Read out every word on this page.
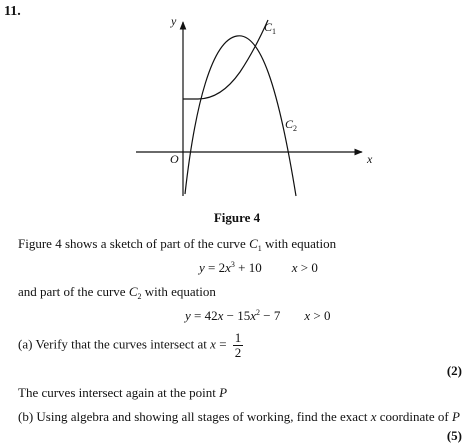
11.
y
x
O
$C_1$
$C_2$
Figure 4
Figure 4 shows a sketch of part of the curve $C_1$ with equation
$y = 2x^3 + 10$ x > 0
and part of the curve $C_2$ with equation
$y = 42x - 15x^2 - 7$ x > 0
(a) Verify that the curves intersect at $x = \frac{1}{2}$
(2)
The curves intersect again at the point P
(b) Using algebra and showing all stages of working, find the exact x coordinate of P
(5)
